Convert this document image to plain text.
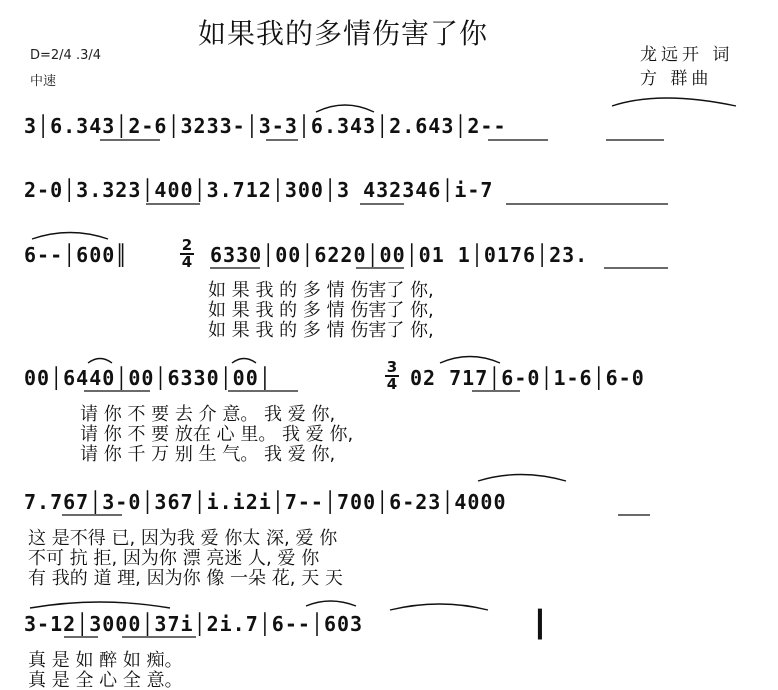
如果我的多情伤害了你
D=2/4 .3/4
中速
龙远开 词
方 群曲
3│6.343│2-6│3233-│3-3│6.343│2.643│2--
2-0│3.323│400│3.712│300│3 432346│i-7
6--│600║	2
4 6330│00│6220│00│01 1│0176│23.
00│6440│00│6330│00│	3
4 02 717│6-0│1-6│6-0
7.767│3-0│367│i.i2i│7--│700│6-23│4000
3-12│3000│37i│2i.7│6--│603	┃
如 果 我 的 多 情 伤害了 你,
如 果 我 的 多 情 伤害了 你,
如 果 我 的 多 情 伤害了 你,
请 你 不 要 去 介 意。 我 爱 你,
请 你 不 要 放在 心 里。 我 爱 你,
请 你 千 万 别 生 气。 我 爱 你,
这 是不得 已, 因为我 爱 你太 深, 爱 你
不可 抗 拒, 因为你 漂 亮迷 人, 爱 你
有 我的 道 理, 因为你 像 一朵 花, 天 天
真 是 如 醉 如 痴。
真 是 全 心 全 意。
